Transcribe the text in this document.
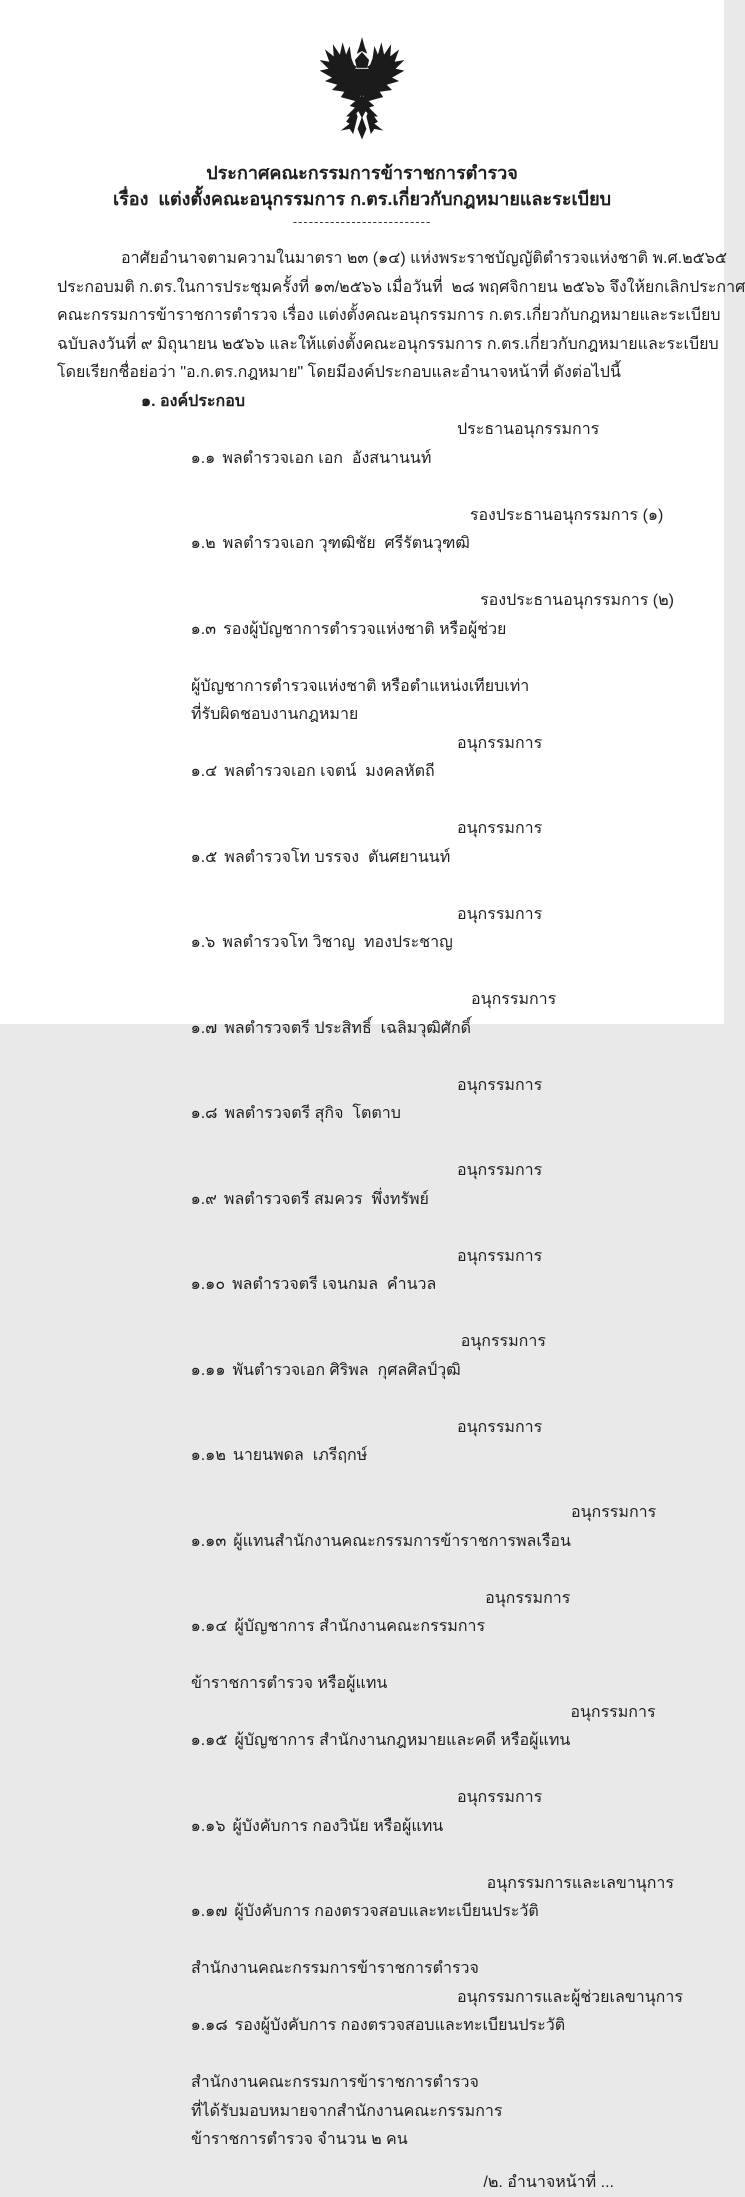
ประกาศคณะกรรมการข้าราชการตำรวจ
เรื่อง  แต่งตั้งคณะอนุกรรมการ ก.ตร.เกี่ยวกับกฎหมายและระเบียบ
--------------------------
อาศัยอำนาจตามความในมาตรา ๒๓ (๑๔) แห่งพระราชบัญญัติตำรวจแห่งชาติ พ.ศ.๒๕๖๕
ประกอบมติ ก.ตร.ในการประชุมครั้งที่ ๑๓/๒๕๖๖ เมื่อวันที่  ๒๘ พฤศจิกายน ๒๕๖๖ จึงให้ยกเลิกประกาศ
คณะกรรมการข้าราชการตำรวจ เรื่อง แต่งตั้งคณะอนุกรรมการ ก.ตร.เกี่ยวกับกฎหมายและระเบียบ
ฉบับลงวันที่ ๙ มิถุนายน ๒๕๖๖ และให้แต่งตั้งคณะอนุกรรมการ ก.ตร.เกี่ยวกับกฎหมายและระเบียบ
โดยเรียกชื่อย่อว่า "อ.ก.ตร.กฎหมาย" โดยมีองค์ประกอบและอำนาจหน้าที่ ดังต่อไปนี้
๑. องค์ประกอบ

๑.๑ พลตำรวจเอก เอก  อังสนานนท์

ประธานอนุกรรมการ

๑.๒ พลตำรวจเอก วุฑฒิชัย  ศรีรัตนวุฑฒิ

รองประธานอนุกรรมการ (๑)

๑.๓ รองผู้บัญชาการตำรวจแห่งชาติ หรือผู้ช่วย

รองประธานอนุกรรมการ (๒)
ผู้บัญชาการตำรวจแห่งชาติ หรือตำแหน่งเทียบเท่า
ที่รับผิดชอบงานกฎหมาย

๑.๔ พลตำรวจเอก เจตน์  มงคลหัตถี

อนุกรรมการ

๑.๕ พลตำรวจโท บรรจง  ตันศยานนท์

อนุกรรมการ

๑.๖ พลตำรวจโท วิชาญ  ทองประชาญ

อนุกรรมการ

๑.๗ พลตำรวจตรี ประสิทธิ์  เฉลิมวุฒิศักดิ์

อนุกรรมการ

๑.๘ พลตำรวจตรี สุกิจ  โตตาบ

อนุกรรมการ

๑.๙ พลตำรวจตรี สมควร  พึ่งทรัพย์

อนุกรรมการ

๑.๑๐ พลตำรวจตรี เจนกมล  คำนวล

อนุกรรมการ

๑.๑๑ พันตำรวจเอก ศิริพล  กุศลศิลป์วุฒิ

อนุกรรมการ

๑.๑๒ นายนพดล  เภรีฤกษ์

อนุกรรมการ

๑.๑๓ ผู้แทนสำนักงานคณะกรรมการข้าราชการพลเรือน

อนุกรรมการ

๑.๑๔ ผู้บัญชาการ สำนักงานคณะกรรมการ

อนุกรรมการ
ข้าราชการตำรวจ หรือผู้แทน

๑.๑๕ ผู้บัญชาการ สำนักงานกฎหมายและคดี หรือผู้แทน

อนุกรรมการ

๑.๑๖ ผู้บังคับการ กองวินัย หรือผู้แทน

อนุกรรมการ

๑.๑๗ ผู้บังคับการ กองตรวจสอบและทะเบียนประวัติ

อนุกรรมการและเลขานุการ
สำนักงานคณะกรรมการข้าราชการตำรวจ

๑.๑๘ รองผู้บังคับการ กองตรวจสอบและทะเบียนประวัติ

อนุกรรมการและผู้ช่วยเลขานุการ
สำนักงานคณะกรรมการข้าราชการตำรวจ
ที่ได้รับมอบหมายจากสำนักงานคณะกรรมการ
ข้าราชการตำรวจ จำนวน ๒ คน
/๒. อำนาจหน้าที่ ...
